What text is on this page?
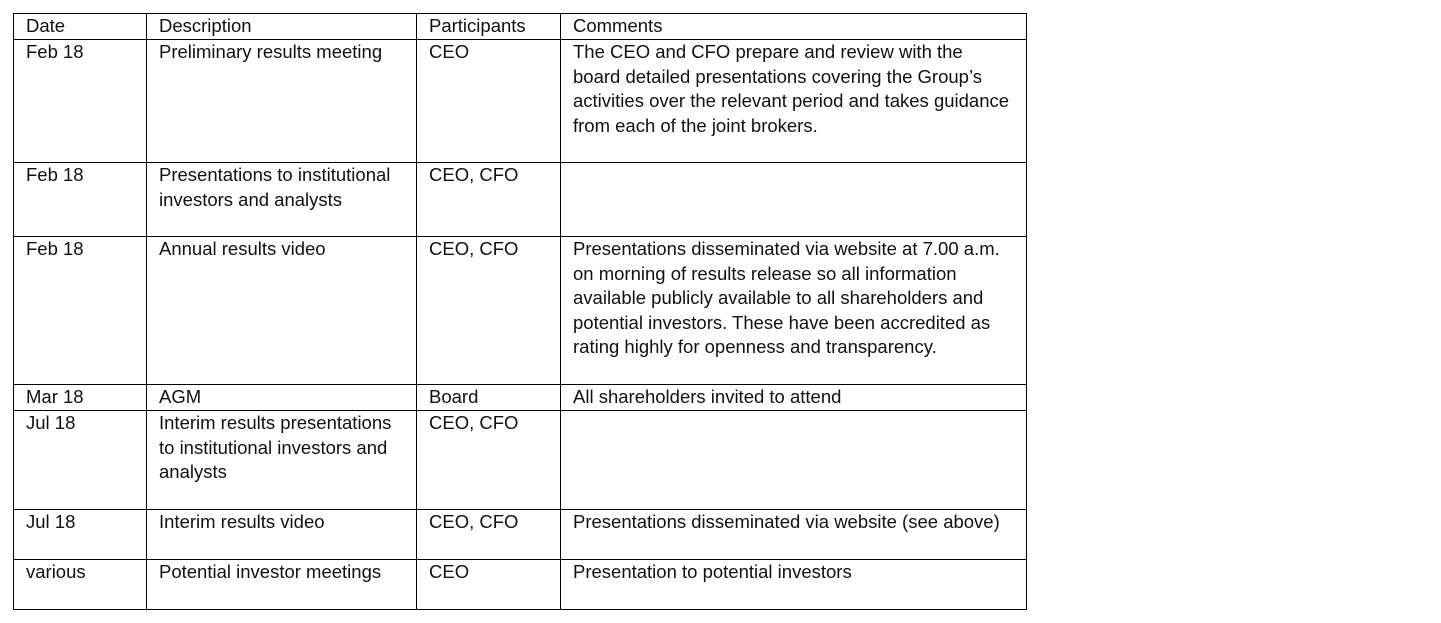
Date	Description	Participants	Comments
Feb 18	Preliminary results meeting	CEO	The CEO and CFO prepare and review with the board detailed presentations covering the Group’s activities over the relevant period and takes guidance from each of the joint brokers.
Feb 18	Presentations to institutional investors and analysts	CEO, CFO	
Feb 18	Annual results video	CEO, CFO	Presentations disseminated via website at 7.00 a.m. on morning of results release so all information available publicly available to all shareholders and potential investors. These have been accredited as rating highly for openness and transparency.
Mar 18	AGM	Board	All shareholders invited to attend
Jul 18	Interim results presentations to institutional investors and analysts	CEO, CFO	
Jul 18	Interim results video	CEO, CFO	Presentations disseminated via website (see above)
various	Potential investor meetings	CEO	Presentation to potential investors
